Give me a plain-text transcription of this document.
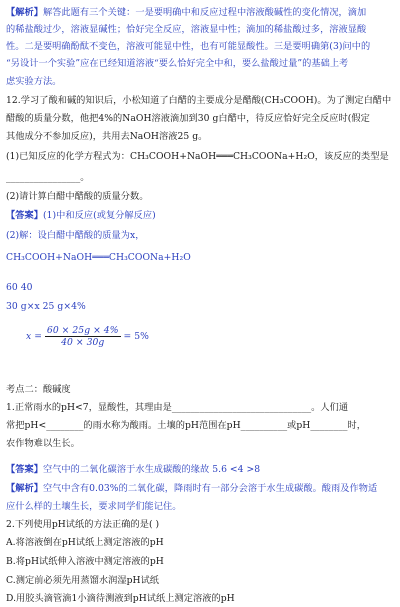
【解析】解答此题有三个关键：一是要明确中和反应过程中溶液酸碱性的变化情况，滴加
的稀盐酸过少，溶液显碱性；恰好完全反应，溶液显中性；滴加的稀盐酸过多，溶液显酸
性。二是要明确酚酞不变色，溶液可能显中性，也有可能显酸性。三是要明确第(3)问中的
“另设计一个实验”应在已经知道溶液“要么恰好完全中和，要么盐酸过量”的基础上考
虑实验方法。
12.学习了酸和碱的知识后，小松知道了白醋的主要成分是醋酸(CH₃COOH)。为了测定白醋中
醋酸的质量分数，他把4%的NaOH溶液滴加到30 g白醋中，待反应恰好完全反应时(假定
其他成分不参加反应)，共用去NaOH溶液25 g。
(1)已知反应的化学方程式为：CH₃COOH+NaOH═══CH₃COONa+H₂O，该反应的类型是
________________。
(2)请计算白醋中醋酸的质量分数。
【答案】(1)中和反应(或复分解反应)
(2)解：设白醋中醋酸的质量为x，
CH₃COOH+NaOH═══CH₃COONa+H₂O
60 40
30 g×x 25 g×4%
考点二：酸碱度
1.正常雨水的pH<7，显酸性，其理由是______________________________。人们通
常把pH<________的雨水称为酸雨。土壤的pH范围在pH__________或pH________时，
农作物难以生长。
【答案】空气中的二氧化碳溶于水生成碳酸的缘故 5.6 <4 >8
【解析】空气中含有0.03%的二氧化碳，降雨时有一部分会溶于水生成碳酸。酸雨及作物适
应什么样的土壤生长，要求同学们能记住。
2.下列使用pH试纸的方法正确的是( )
A.将溶液倒在pH试纸上测定溶液的pH
B.将pH试纸伸入溶液中测定溶液的pH
C.测定前必须先用蒸馏水润湿pH试纸
D.用胶头滴管滴1小滴待测液到pH试纸上测定溶液的pH
$x = \frac{60 \times 25g \times 4\%}{40 \times 30g} = 5\%$
